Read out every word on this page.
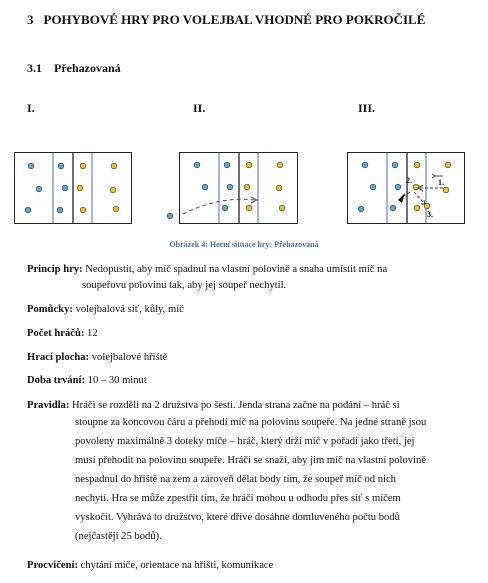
3 POHYBOVÉ HRY PRO VOLEJBAL VHODNÉ PRO POKROČILÉ
3.1 Přehazovaná
I.	II.	III.
2.	1.
3.
Obrázek 4: Herní situace hry: Přehazovaná
Princip hry: Nedopustit, aby míč spadnul na vlastní polovině a snaha umístit míč na
soupeřovu polovinu tak, aby jej soupeř nechytil.
Pomůcky: volejbalová síť, kůly, míč
Počet hráčů: 12
Hrací plocha: volejbalové hřiště
Doba trvání: 10 – 30 minut
Pravidla: Hráči se rozdělí na 2 družstva po šesti. Jenda strana začne na podání – hráč si
stoupne za koncovou čáru a přehodí míč na polovinu soupeře. Na jedné straně jsou
povoleny maximálně 3 doteky míče – hráč, který drží míč v pořadí jako třetí, jej
musí přehodit na polovinu soupeře. Hráči se snaží, aby jim míč na vlastní polovině
nespadnul do hřiště na zem a zároveň dělat body tím, že soupeř míč od nich
nechytí. Hra se může zpestřit tím, že hráči mohou u odhodu přes síť s míčem
vyskočit. Vyhrává to družstvo, které dříve dosáhne domluveného počtu bodů
(nejčastěji 25 bodů).
Procvičení: chytání míče, orientace na hřišti, komunikace
